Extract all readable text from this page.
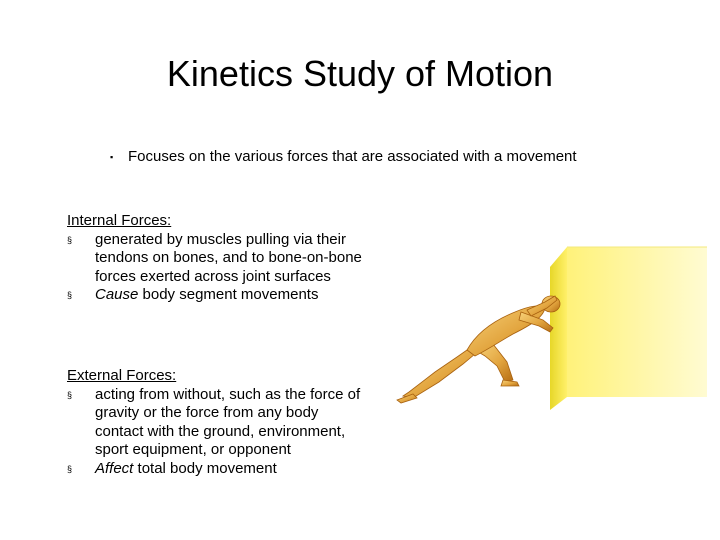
Kinetics Study of Motion
▪ Focuses on the various forces that are associated with a movement
Internal Forces:
§ generated by muscles pulling via their tendons on bones, and to bone-on-bone forces exerted across joint surfaces
§ Cause body segment movements
External Forces:
§ acting from without, such as the force of gravity or the force from any body contact with the ground, environment, sport equipment, or opponent
§ Affect total body movement
